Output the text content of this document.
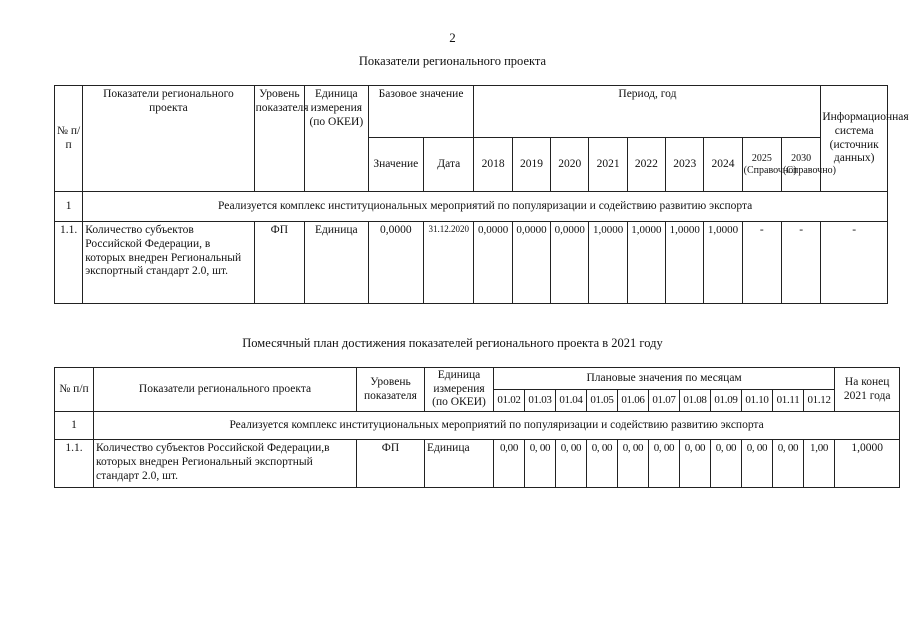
2
Показатели регионального проекта
№ п/п	Показатели регионального проекта	Уровень показателя	Единица измерения (по ОКЕИ)	Базовое значение		Период, год									Информационная система (источник данных)
				Значение	Дата	2018	2019	2020	2021	2022	2023	2024	2025 (Справочно)	2030 (Справочно)	
1	Реализуется комплекс институциональных мероприятий по популяризации и содействию развитию экспорта														
1.1.	Количество субъектов Российской Федерации, в которых внедрен Региональный экспортный стандарт 2.0, шт.	ФП	Единица	0,0000	31.12.2020	0,0000	0,0000	0,0000	1,0000	1,0000	1,0000	1,0000	-	-	-
Помесячный план достижения показателей регионального проекта в 2021 году
№ п/п	Показатели регионального проекта	Уровень показателя	Единица измерения (по ОКЕИ)	Плановые значения по месяцам											На конец 2021 года
				01.02	01.03	01.04	01.05	01.06	01.07	01.08	01.09	01.10	01.11	01.12	
1	Реализуется комплекс институциональных мероприятий по популяризации и содействию развитию экспорта														
1.1.	Количество субъектов Российской Федерации,в которых внедрен Региональный экспортный стандарт 2.0, шт.	ФП	Единица	0,00	0, 00	0, 00	0, 00	0, 00	0, 00	0, 00	0, 00	0, 00	0, 00	1,00	1,0000
